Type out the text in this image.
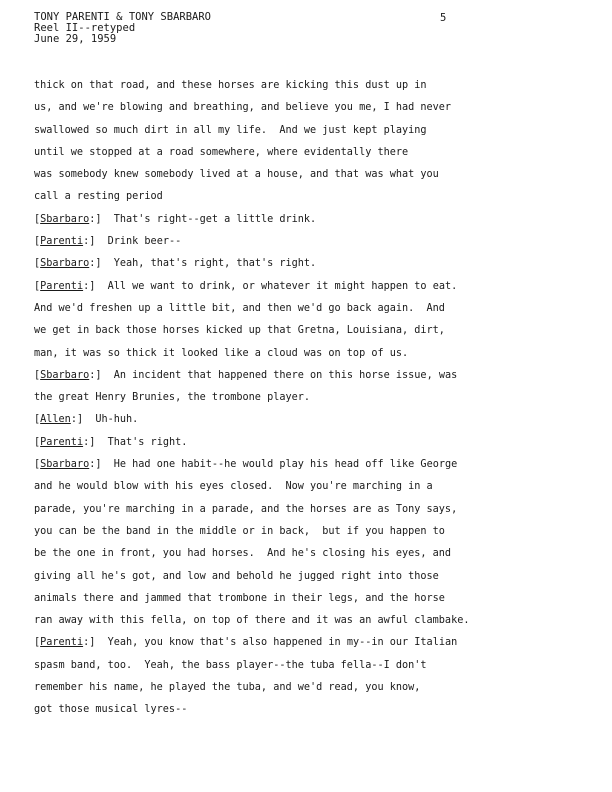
TONY PARENTI & TONY SBARBARO
Reel II--retyped
June 29, 1959
5
thick on that road, and these horses are kicking this dust up in
us, and we're blowing and breathing, and believe you me, I had never
swallowed so much dirt in all my life.  And we just kept playing
until we stopped at a road somewhere, where evidentally there
was somebody knew somebody lived at a house, and that was what you
call a resting period
[Sbarbaro:]  That's right--get a little drink.
[Parenti:]  Drink beer--
[Sbarbaro:]  Yeah, that's right, that's right.
[Parenti:]  All we want to drink, or whatever it might happen to eat.
And we'd freshen up a little bit, and then we'd go back again.  And
we get in back those horses kicked up that Gretna, Louisiana, dirt,
man, it was so thick it looked like a cloud was on top of us.
[Sbarbaro:]  An incident that happened there on this horse issue, was
the great Henry Brunies, the trombone player.
[Allen:]  Uh-huh.
[Parenti:]  That's right.
[Sbarbaro:]  He had one habit--he would play his head off like George
and he would blow with his eyes closed.  Now you're marching in a
parade, you're marching in a parade, and the horses are as Tony says,
you can be the band in the middle or in back,  but if you happen to
be the one in front, you had horses.  And he's closing his eyes, and
giving all he's got, and low and behold he jugged right into those
animals there and jammed that trombone in their legs, and the horse
ran away with this fella, on top of there and it was an awful clambake.
[Parenti:]  Yeah, you know that's also happened in my--in our Italian
spasm band, too.  Yeah, the bass player--the tuba fella--I don't
remember his name, he played the tuba, and we'd read, you know,
got those musical lyres--
